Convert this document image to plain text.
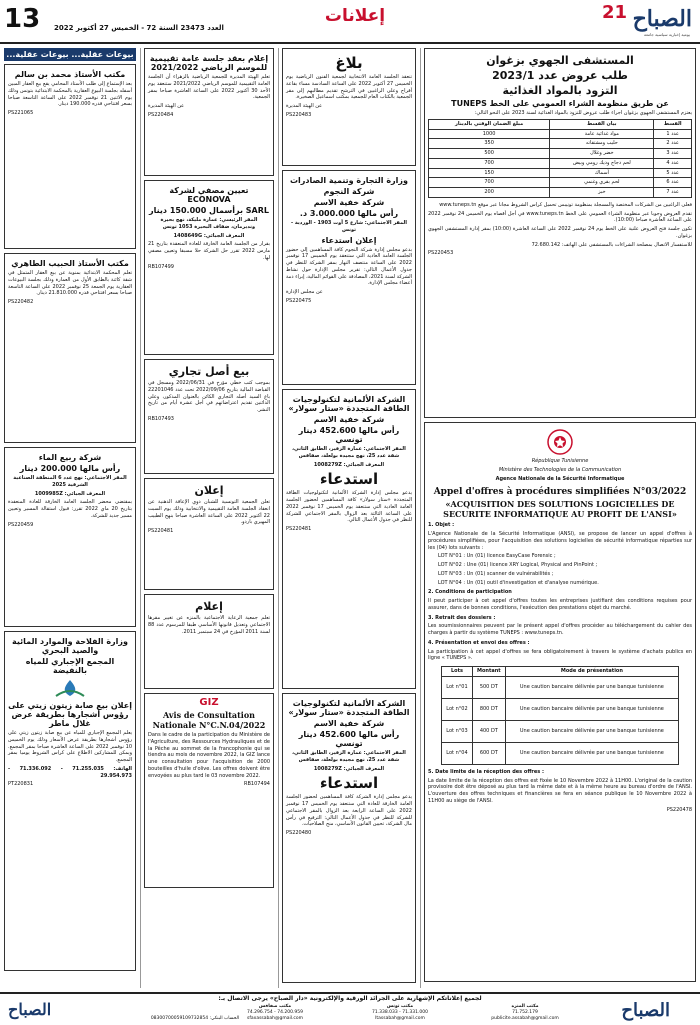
21 الصباح
يومية إخبارية سياسية جامعة
إعلانات
13 العدد 23473 السنة 72 - الخميس 27 أكتوبر 2022
المستشفى الجهوي بزغوان
طلب عروض عدد 2023/1
التزود بالمواد الغذائية
عن طريق منظومة الشراء العمومي على الخط TUNEPS

يعتزم المستشفى الجهوي بزغوان اجراء طلب عروض للتزود بالمواد الغذائية لسنة 2023 على النحو التالي:

القسط	بيان القسط	مبلغ الضمان الوقتي بالدينار
عدد 1	مواد غذائية عامة	1000
عدد 2	حليب ومشتقاته	350
عدد 3	خضر وغلال	500
عدد 4	لحم دجاج وديك رومي وبيض	700
عدد 5	أسماك	150
عدد 6	لحم بقري وغنمي	700
عدد 7	خبز	200

فعلى الراغبين من الشركات المختصة والمسجلة بمنظومة تونيبس تحميل كراس الشروط مجانا عبر موقع www.tuneps.tn

تقدم العروض وجوبا عبر منظومة الشراء العمومي على الخط www.tuneps.tn في أجل أقصاه يوم الخميس 24 نوفمبر 2022 على الساعة العاشرة صباحا (10:00).

تكون جلسة فتح العروض علنية على الخط يوم 24 نوفمبر 2022 على الساعة العاشرة (10:00) بمقر إدارة المستشفى الجهوي بزغوان.

للاستفسار الاتصال بمصلحة الشراءات بالمستشفى على الهاتف: 72.680.142

PS220453

République Tunisienne

Ministère des Technologies de la Communication

Agence Nationale de la Sécurité Informatique

Appel d'offres à procédures simplifiées N°03/2022
«ACQUISITION DES SOLUTIONS LOGICIELLES DE SECURITE INFORMATIQUE AU PROFIT DE L'ANSI»

1. Objet :

L'Agence Nationale de la Sécurité Informatique (ANSI), se propose de lancer un appel d'offres à procédures simplifiées, pour l'acquisition des solutions logicielles de sécurité informatique réparties sur les (04) lots suivants :

LOT N°01 : Un (01) licence EasyCase Forensic ;

LOT N°02 : Une (01) licence XRY Logical, Physical and PinPoint ;

LOT N°03 : Un (01) scanner de vulnérabilités ;

LOT N°04 : Un (01) outil d'investigation et d'analyse numérique.

2. Conditions de participation

Il peut participer à cet appel d'offres toutes les entreprises justifiant des conditions requises pour assurer, dans de bonnes conditions, l'exécution des prestations objet du marché.

3. Retrait des dossiers :

Les soumissionnaires peuvent par le présent appel d'offres procéder au téléchargement du cahier des charges à partir du système TUNEPS : www.tuneps.tn.

4. Présentation et envoi des offres :

La participation à cet appel d'offres se fera obligatoirement à travers le système d'achats publics en ligne « TUNEPS ».

Lots	Montant	Mode de présentation
Lot n°01	500 DT	Une caution bancaire délivrée par une banque tunisienne
Lot n°02	800 DT	Une caution bancaire délivrée par une banque tunisienne
Lot n°03	400 DT	Une caution bancaire délivrée par une banque tunisienne
Lot n°04	600 DT	Une caution bancaire délivrée par une banque tunisienne

5. Date limite de la réception des offres :

La date limite de la réception des offres est fixée le 10 Novembre 2022 à 11H00. L'original de la caution provisoire doit être déposé au plus tard la même date et à la même heure au bureau d'ordre de l'ANSI. L'ouverture des offres techniques et financières se fera en séance publique le 10 Novembre 2022 à 11H00 au siège de l'ANSI.

PS220478

بلاغ

تنعقد الجلسة العامة الانتخابية لجمعية الفنون الرياضية يوم الخميس 27 أكتوبر 2022 على الساعة السادسة مساء بقاعة أفراح وعلى الراغبين في الترشح تقديم مطالبهم إلى مقر الجمعية بالكتاب العام للجمعية بمكتب اسماعيل الصخيرة.

عن الهيئة المديرة

PS220483

وزارة التجارة وتنمية الصادرات
شركة النجوم
شركة خفية الاسم
رأس مالها 3.000.000 د.

المقر الاجتماعي: شارع 5 أوت 1903 - الوردية - تونس

إعلان استدعاء

بدعو مجلس إدارة شركة النجوم كافة المساهمين إلى حضور الجلسة العامة العادية التي ستنعقد يوم الخميس 17 نوفمبر 2022 على الساعة منتصف النهار بمقر الشركة للنظر في جدول الأعمال التالي: تقرير مجلس الإدارة حول نشاط الشركة لسنة 2021، المصادقة على القوائم المالية، إبراء ذمة أعضاء مجلس الإدارة.

عن مجلس الإدارة

PS220475

الشركة الألمانية لتكنولوجيات الطاقة المتجددة «ستار سولار»
شركة خفية الاسم
رأس مالها 452.600 دينار تونسي

المقر الاجتماعي: عمارة الزفير، الطابق الثاني، شقة عدد 25، نهج مجيدة بولعلة، صفاقس

المعرف الجبائي: 1008279Z

استدعاء

يدعو مجلس إدارة الشركة الألمانية لتكنولوجيات الطاقة المتجددة «ستار سولار» كافة المساهمين لحضور الجلسة العامة العادية التي ستنعقد يوم الخميس 17 نوفمبر 2022 على الساعة الثالثة بعد الزوال بالمقر الاجتماعي للشركة للنظر في جدول الأعمال التالي.

PS220481

الشركة الألمانية لتكنولوجيات الطاقة المتجددة «ستار سولار»
شركة خفية الاسم
رأس مالها 452.600 دينار تونسي

المقر الاجتماعي: عمارة الزفير، الطابق الثاني، شقة عدد 25، نهج مجيدة بولعلة، صفاقس

المعرف الجبائي: 1008279Z

استدعاء

يدعو مجلس إدارة الشركة كافة المساهمين لحضور الجلسة العامة الخارقة للعادة التي ستنعقد يوم الخميس 17 نوفمبر 2022 على الساعة الرابعة بعد الزوال بالمقر الاجتماعي للشركة للنظر في جدول الأعمال التالي: الترفيع في رأس مال الشركة، تحيين القانون الأساسي، منح الصلاحيات.

PS220480

إعلام بعقد جلسة عامة تقييمية للموسم الرياضي 2021/2022

تعلم الهيئة المديرة للجمعية الرياضية بالزهراء أن الجلسة العامة التقييمية للموسم الرياضي 2021/2022 ستنعقد يوم الأحد 30 أكتوبر 2022 على الساعة العاشرة صباحا بمقر الجمعية.

عن الهيئة المديرة

PS220484

تعيين مصفي لشركة ECONOVA
SARL برأسمال 150.000 دينار

المقر الرئيسي: عمارة مليكة، نهج بحيرة ونديرمان، ضفاف البحيرة 1053 تونس

المعرف الجبائي: 1408649G

بقرار من الجلسة العامة الخارقة للعادة المنعقدة بتاريخ 21 مارس 2022 تقرر حل الشركة حلا مسبقا وتعيين مصفي لها.

RB107499

بيع أصل تجاري

بموجب كتب خطي مؤرخ في 2022/06/31 ومسجل في القباضة المالية بتاريخ 2022/09/06 تحت عدد 22201046 باع السيد أصله التجاري الكائن بالعنوان المذكور، وعلى الدائنين تقديم اعتراضاتهم في أجل عشرة أيام من تاريخ النشر.

RB107493

إعلان

تعلن الجمعية التونسية للشبان ذوي الإعاقة الذهنية عن انعقاد الجلسة العامة التقييمية والانتخابية وذلك يوم السبت 22 أكتوبر 2022 على الساعة العاشرة صباحا بنهج الطبيب المهيري باردو.

PS220481

إعلام

تعلم جمعية الرعاية الاجتماعية بالمنزه عن تغيير مقرها الاجتماعي وتعديل قانونها الأساسي طبقا للمرسوم عدد 88 لسنة 2011 المؤرخ في 24 سبتمبر 2011.

GIZ

Avis de Consultation Nationale N°C.N.04/2022

Dans le cadre de la participation du Ministère de l'Agriculture, des Ressources Hydrauliques et de la Pêche au sommet de la francophonie qui se tiendra au mois de novembre 2022, la GIZ lance une consultation pour l'acquisition de 2000 bouteilles d'huile d'olive. Les offres doivent être envoyées au plus tard le 03 novembre 2022.

RB107494

بيوعات عقلية... بيوعات عقلية...
مكتب الأستاذ محمد بن سالم

بعد الإستماع إلى طلب الأستاذ المحامي يقع بيع العقار المبين أسفله بجلسة البيوع العقارية بالمحكمة الابتدائية بتونس وذلك يوم الاثنين 21 نوفمبر 2022 على الساعة التاسعة صباحا بسعر افتتاحي قدره 190.000 دينار.

PS221065

مكتب الأستاذ الحبيب الطاهري

تعلم المحكمة الابتدائية بمنوبة عن بيع العقار المتمثل في شقة كائنة بالطابق الأول من العمارة وذلك بجلسة البيوعات العقارية يوم الجمعة 25 نوفمبر 2022 على الساعة التاسعة صباحا بسعر افتتاحي قدره 21.810.000 دينار.

PS220482

شركة ربيع الماء
رأس مالها 200.000 دينار

المقر الاجتماعي: نهج عدد 6 المنطقة الصناعية الشرقية 2025

المعرف الجبائي: 1009985Z

بمقتضى محضر الجلسة العامة الخارقة للعادة المنعقدة بتاريخ 20 ماي 2022 تقرر: قبول استقالة المسير وتعيين مسير جديد للشركة.

PS220459

وزارة الفلاحة والموارد المائية والصيد البحري
المجمع الإجباري للمياه بالنفيضة
إعلان بيع صابة زيتون زيتي على رؤوس أشجارها بطريقة عرض غلال ماطر

يعلم المجمع الإجباري للمياه عن بيع صابة زيتون زيتي على رؤوس أشجارها بطريقة عرض الأسعار وذلك يوم الخميس 10 نوفمبر 2022 على الساعة العاشرة صباحا بمقر المجمع. ويمكن للمشاركين الاطلاع على كراس الشروط يوميا بمقر المجمع.

الهاتف: 71.255.035 - 71.336.092 - 29.954.973

PT220831

لجميع إعلاناتكم الإشهارية على الجرائد الورقية والإلكترونية «دار الصباح» يرجى الاتصال بـ:
الصباح
مكتب المنزه
71.752.179
publicite.assabah@gmail.com
مكتب تونس
71.331.000 - 71.338.033
ltassabah@gmail.com
مكتب صفاقس
74.200.959 - 74.296.754
sfaxassabah@gmail.com
الحساب البنكي: 08300700059109732854
الصباح
